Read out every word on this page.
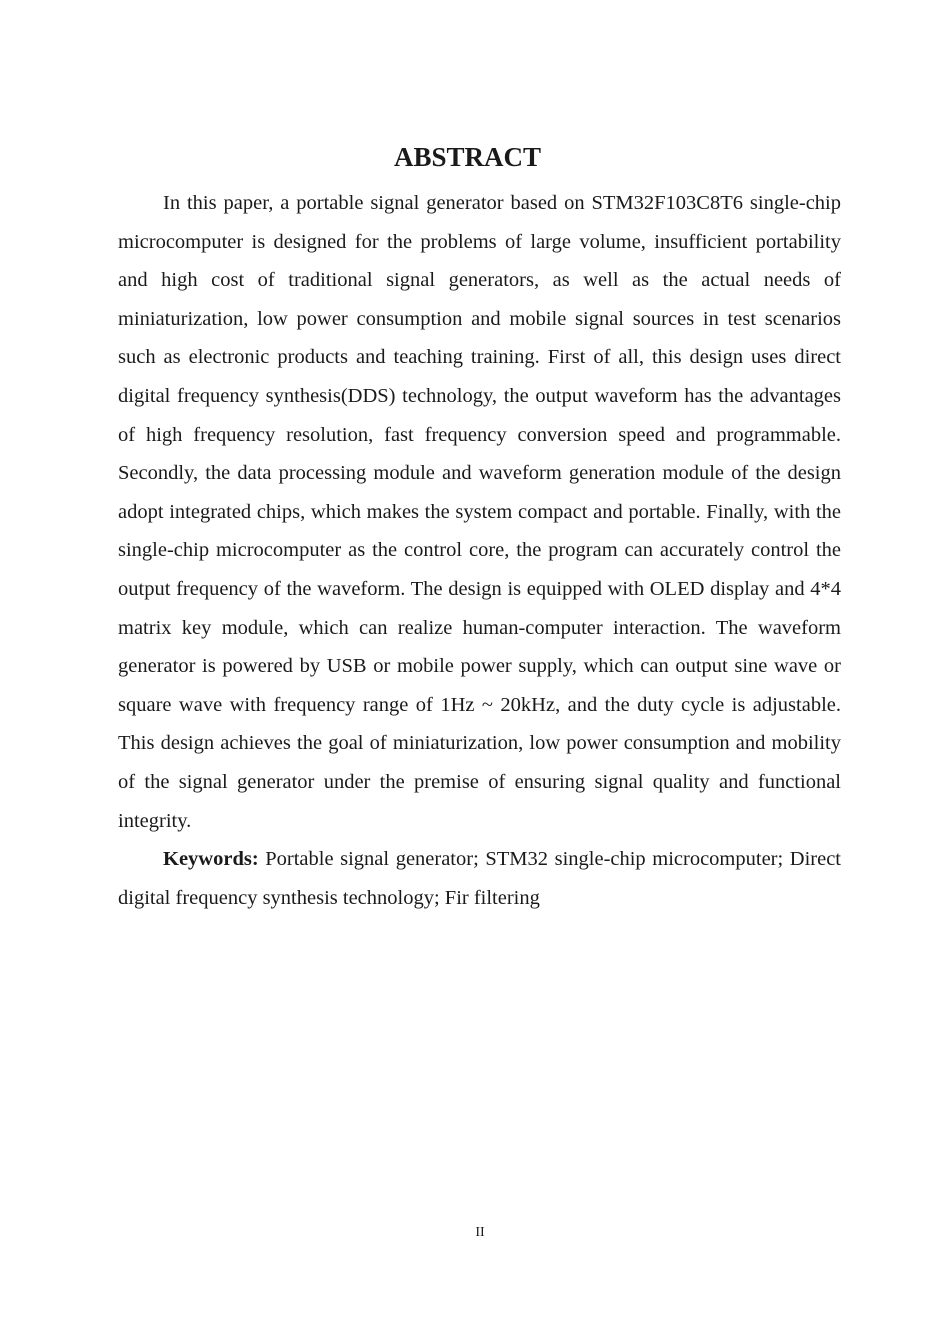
ABSTRACT

In this paper, a portable signal generator based on STM32F103C8T6 single-chip microcomputer is designed for the problems of large volume, insufficient portability and high cost of traditional signal generators, as well as the actual needs of miniaturization, low power consumption and mobile signal sources in test scenarios such as electronic products and teaching training. First of all, this design uses direct digital frequency synthesis(DDS) technology, the output waveform has the advantages of high frequency resolution, fast frequency conversion speed and programmable. Secondly, the data processing module and waveform generation module of the design adopt integrated chips, which makes the system compact and portable. Finally, with the single-chip microcomputer as the control core, the program can accurately control the output frequency of the waveform. The design is equipped with OLED display and 4*4 matrix key module, which can realize human-computer interaction. The waveform generator is powered by USB or mobile power supply, which can output sine wave or square wave with frequency range of 1Hz ~ 20kHz, and the duty cycle is adjustable. This design achieves the goal of miniaturization, low power consumption and mobility of the signal generator under the premise of ensuring signal quality and functional integrity.

Keywords: Portable signal generator; STM32 single-chip microcomputer; Direct digital frequency synthesis technology; Fir filtering

II
